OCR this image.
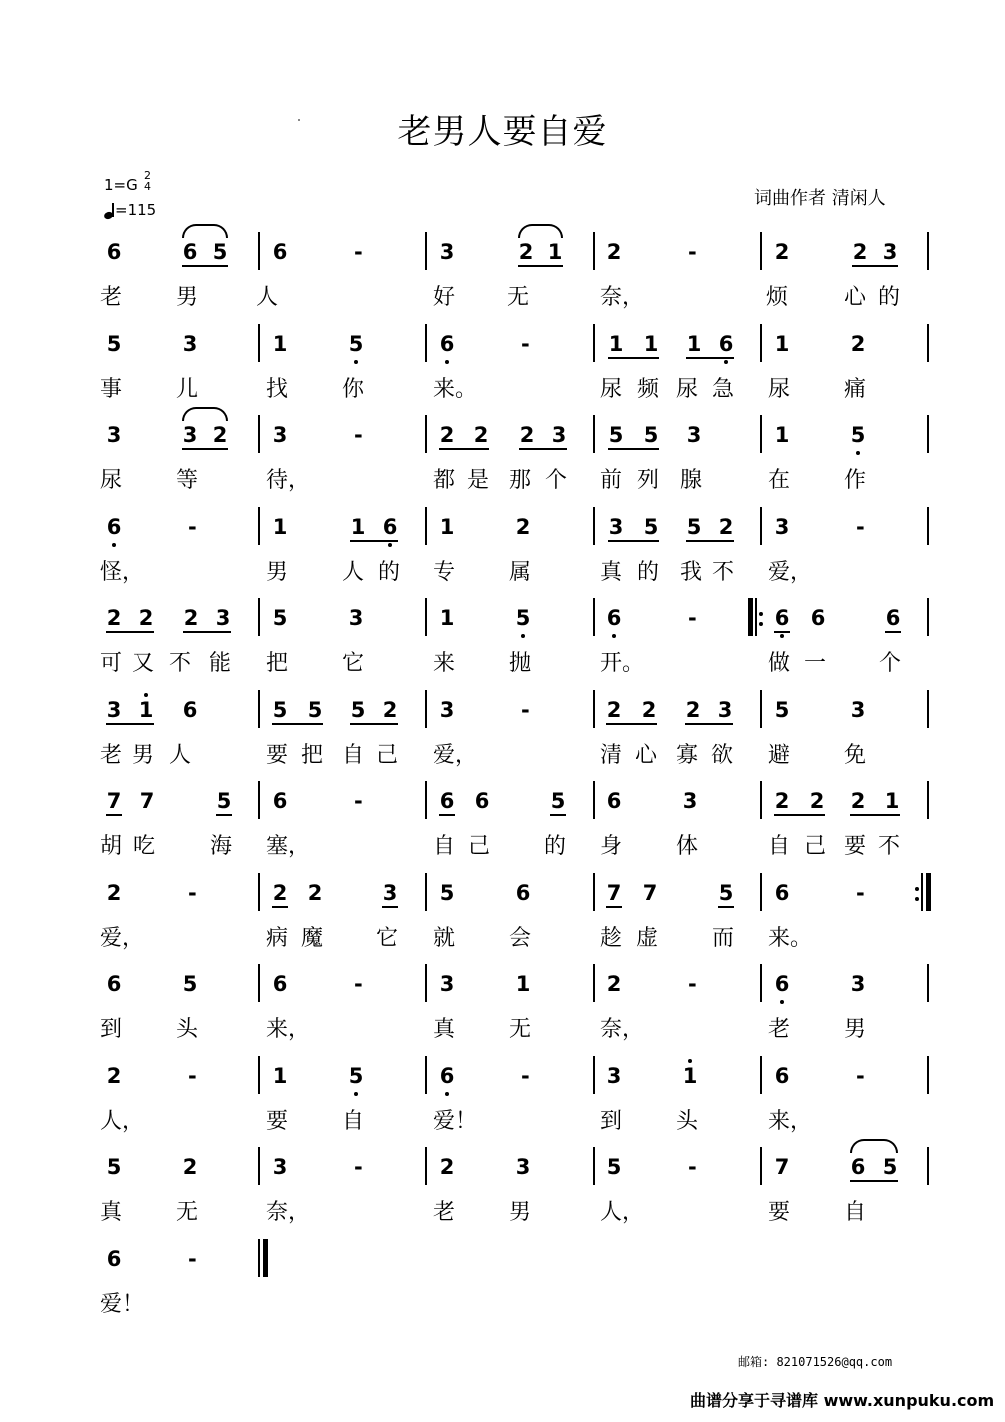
老男人要自爱
1=G
2
4
=115
词曲作者 清闲人
6	6 5 6	-	3	2 1 2	-	2	2 3
老 男	人	好 无	奈，	烦	心 的
5	3	1	5	6	-	1 1 1 6 1	2
事 儿	找 你	来。	尿 频 尿 急 尿 痛
3	3 2 3	-	2 2 2 3 5 5 3	1	5
尿 等	待，	都 是 那 个 前 列 腺	在 作
6	-	1	1 6 1	2	3 5 5 2 3	-
怪，	男 人 的 专 属	真 的 我 不 爱，
2 2 2 3 5	3	1	5	6	-	6 6	6
可 又 不 能 把 它	来 抛	开。	做 一 个
3 1 6	5 5 5 2 3	-	2 2 2 3 5	3
老 男 人	要 把 自 己 爱，	清 心 寡 欲 避 免
7 7	5 6	-	6 6	5 6	3	2 2 2 1
胡 吃 海 塞，	自 己 的 身 体	自 己 要 不
2	-	2 2	3 5	6	7 7	5 6	-
爱，	病 魔 它 就 会	趁 虚 而 来。
6	5	6	-	3	1	2	-	6	3
到 头	来，	真 无	奈，	老 男
2	-	1	5	6	-	3	1	6	-
人，	要 自	爱！	到 头	来，
5	2	3	-	2	3	5	-	7	6 5
真 无	奈，	老 男	人，	要 自
6	-
爱！
邮箱: 821071526@qq.com
曲谱分享于寻谱库 www.xunpuku.com
